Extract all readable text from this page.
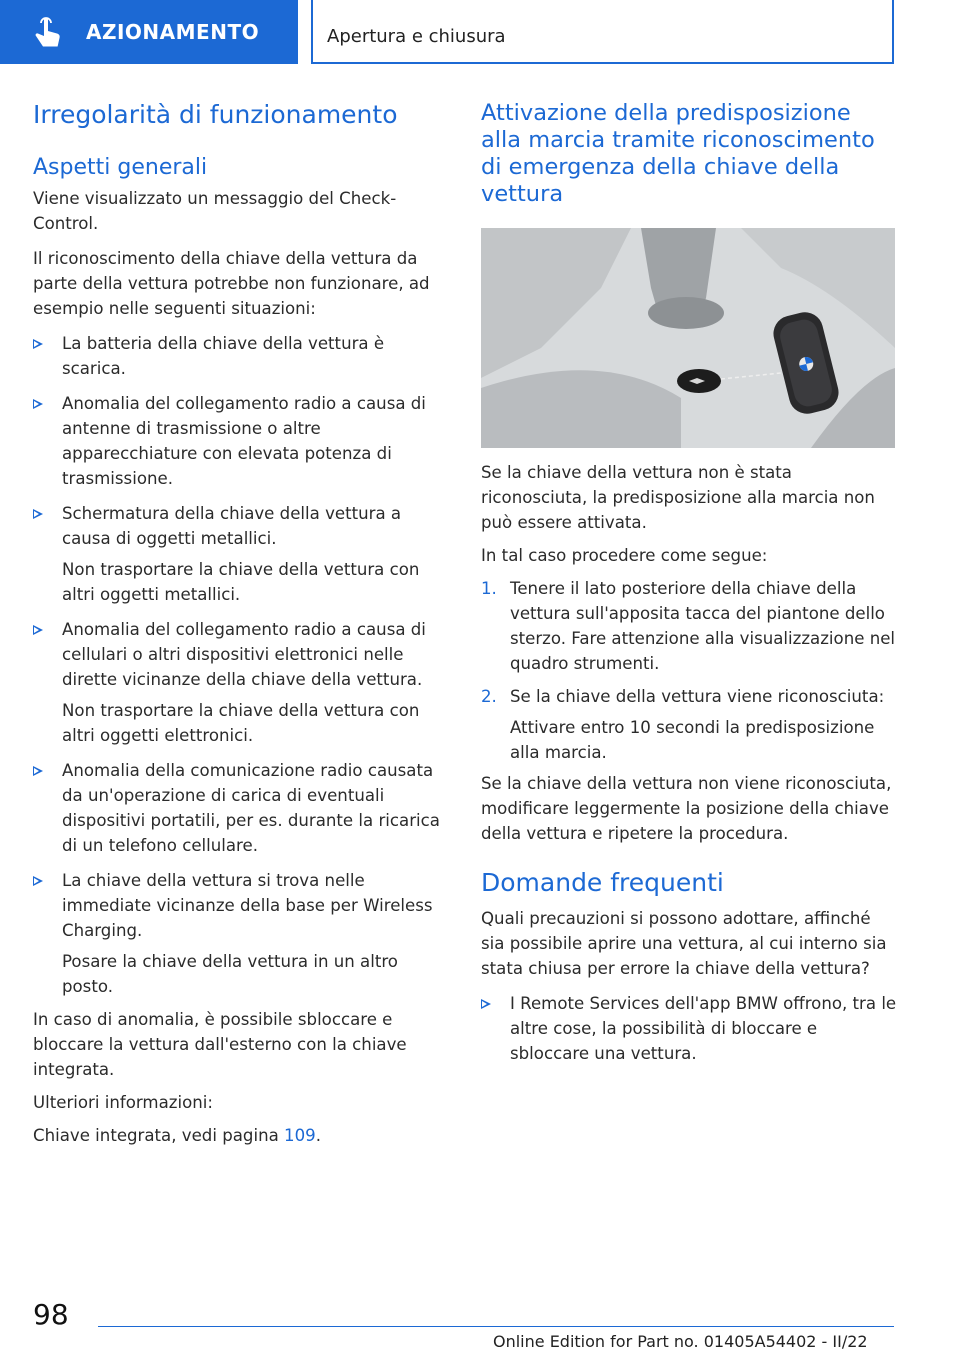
AZIONAMENTO	Apertura e chiusura
Irregolarità di funzionamento
Aspetti generali

Viene visualizzato un messaggio del Check-Control.

Il riconoscimento della chiave della vettura da parte della vettura potrebbe non funzionare, ad esempio nelle seguenti situazioni:

La batteria della chiave della vettura è scarica.

Anomalia del collegamento radio a causa di antenne di trasmissione o altre apparecchiature con elevata potenza di trasmissione.

Schermatura della chiave della vettura a causa di oggetti metallici.

Non trasportare la chiave della vettura con altri oggetti metallici.

Anomalia del collegamento radio a causa di cellulari o altri dispositivi elettronici nelle dirette vicinanze della chiave della vettura.

Non trasportare la chiave della vettura con altri oggetti elettronici.

Anomalia della comunicazione radio causata da un'operazione di carica di eventuali dispositivi portatili, per es. durante la ricarica di un telefono cellulare.

La chiave della vettura si trova nelle immediate vicinanze della base per Wireless Charging.

Posare la chiave della vettura in un altro posto.

In caso di anomalia, è possibile sbloccare e bloccare la vettura dall'esterno con la chiave integrata.

Ulteriori informazioni:

Chiave integrata, vedi pagina 109.

Attivazione della predisposizione alla marcia tramite riconoscimento di emergenza della chiave della vettura

Se la chiave della vettura non è stata riconosciuta, la predisposizione alla marcia non può essere attivata.

In tal caso procedere come segue:

1. Tenere il lato posteriore della chiave della vettura sull'apposita tacca del piantone dello sterzo. Fare attenzione alla visualizzazione nel quadro strumenti.

2. Se la chiave della vettura viene riconosciuta:

Attivare entro 10 secondi la predisposizione alla marcia.

Se la chiave della vettura non viene riconosciuta, modificare leggermente la posizione della chiave della vettura e ripetere la procedura.

Domande frequenti

Quali precauzioni si possono adottare, affinché sia possibile aprire una vettura, al cui interno sia stata chiusa per errore la chiave della vettura?

I Remote Services dell'app BMW offrono, tra le altre cose, la possibilità di bloccare e sbloccare una vettura.

98
Online Edition for Part no. 01405A54402 - II/22
